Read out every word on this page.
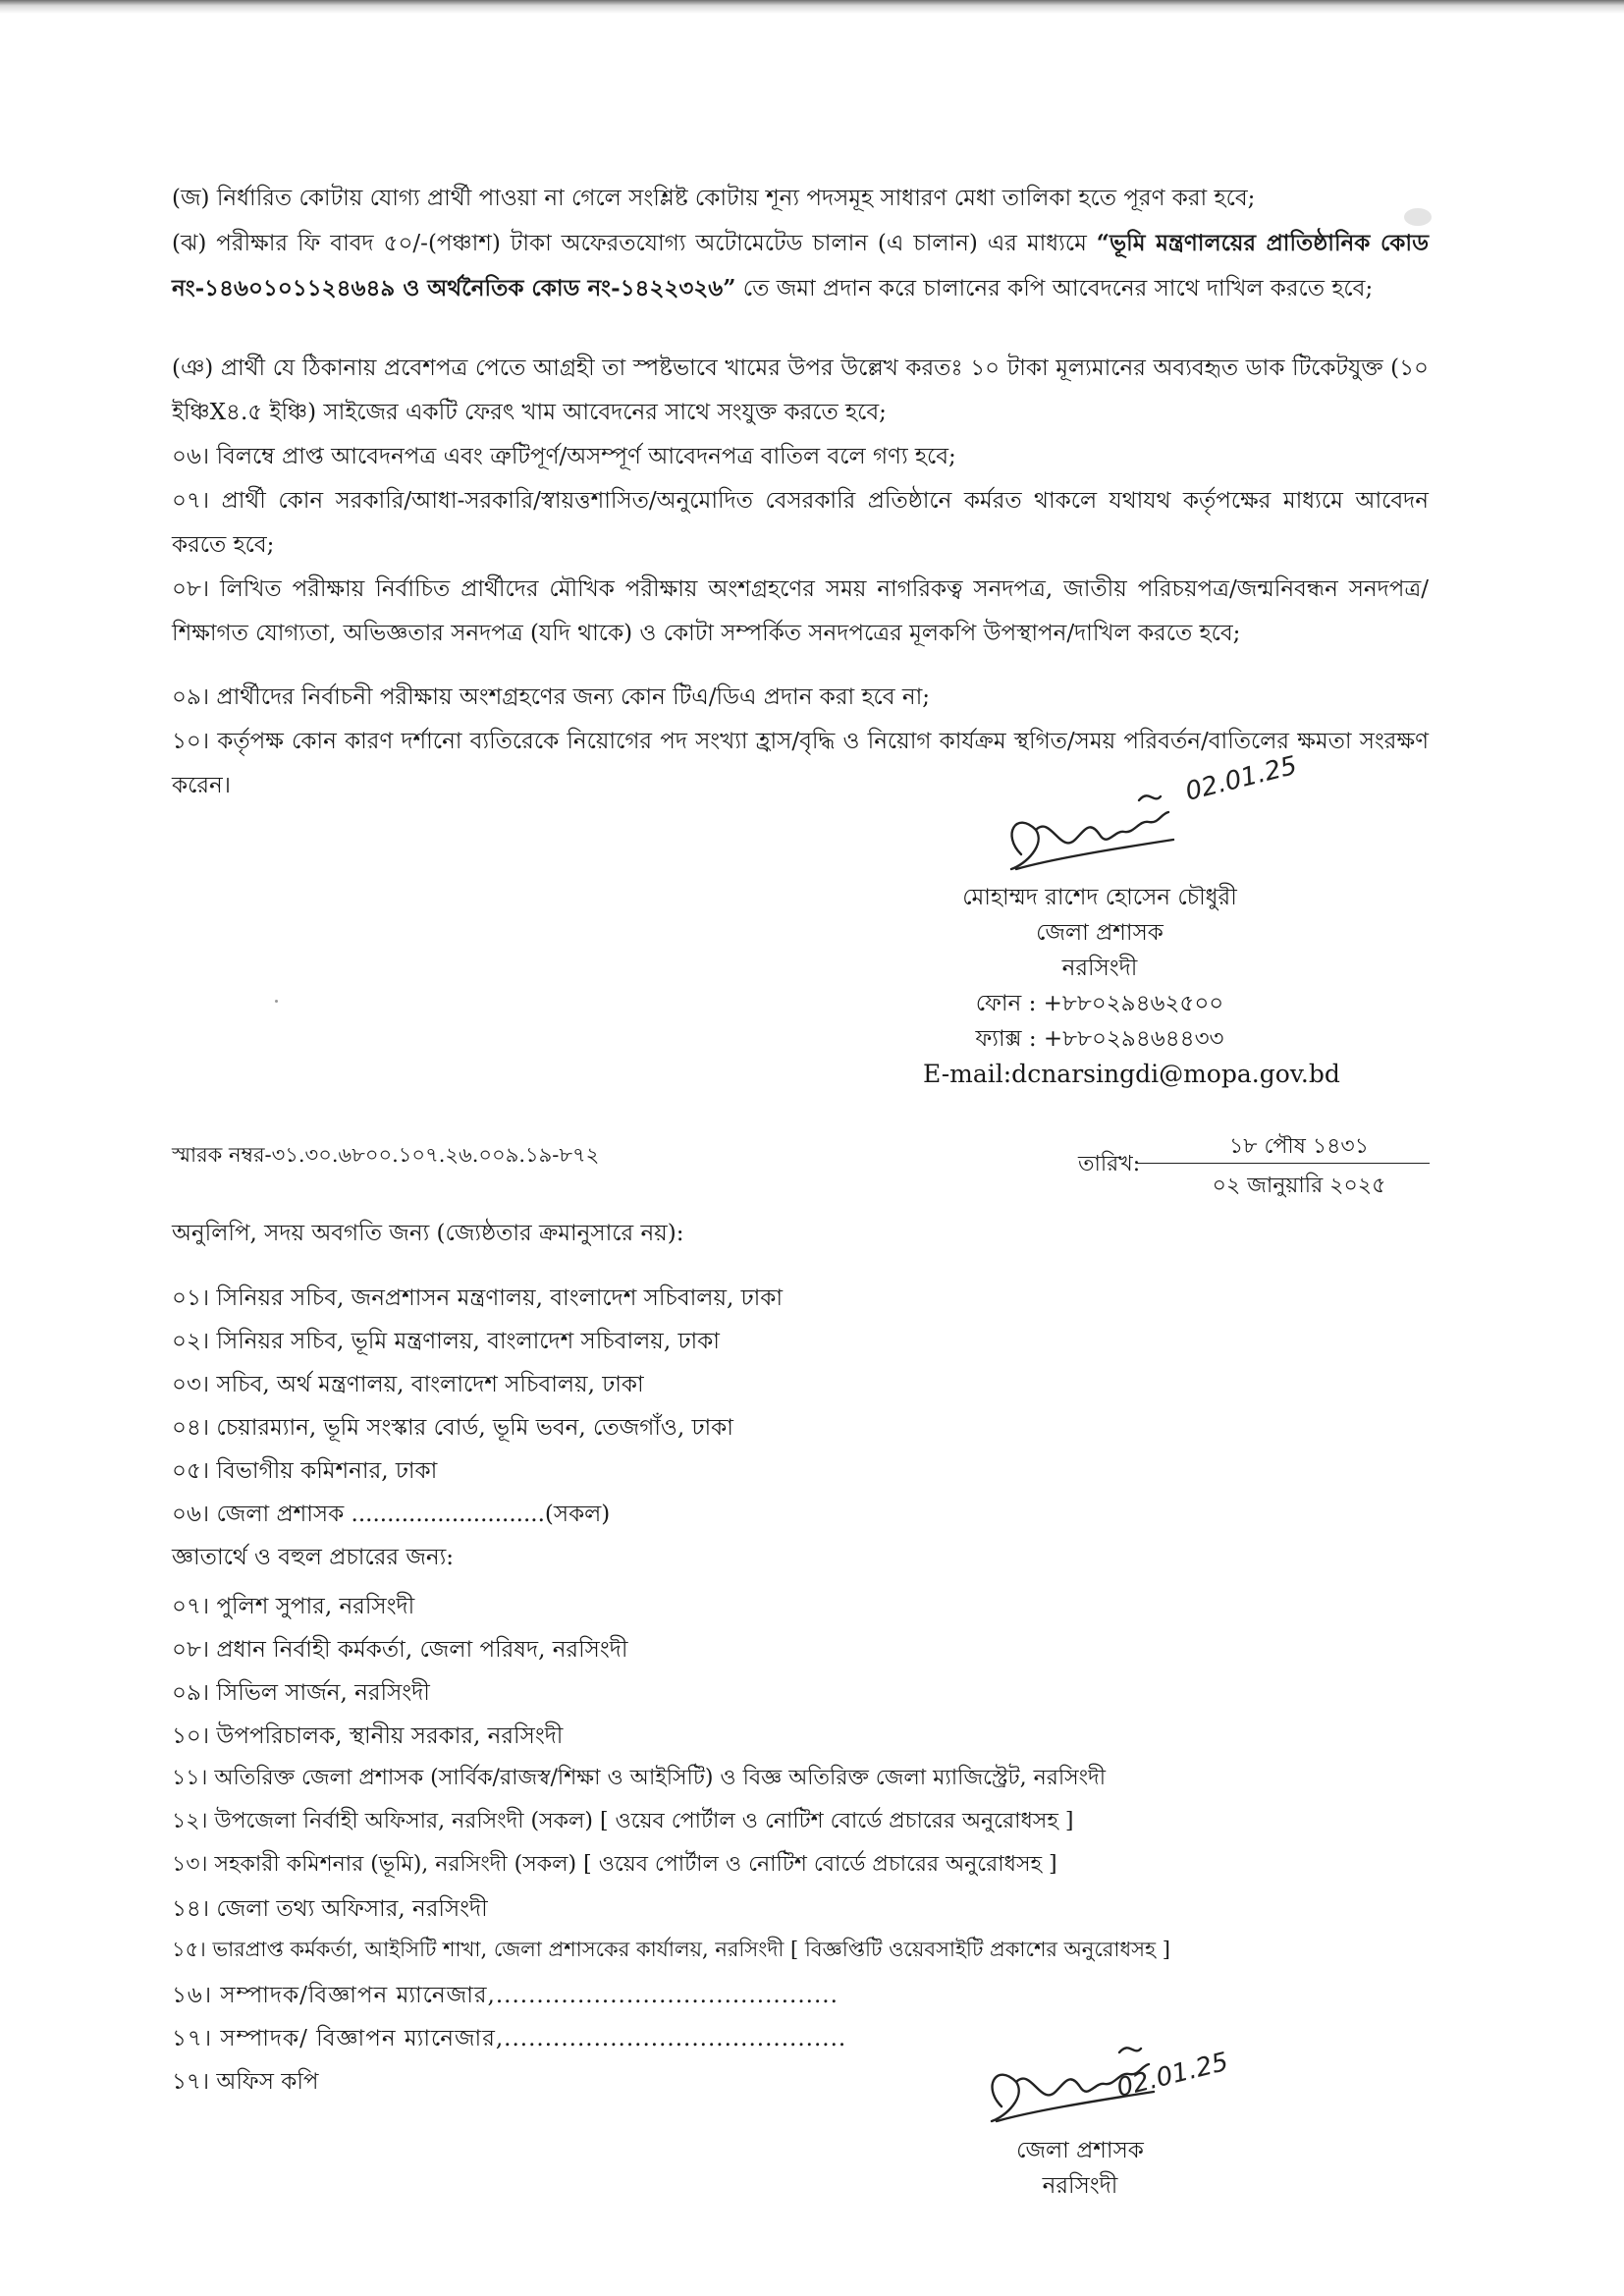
(জ) নির্ধারিত কোটায় যোগ্য প্রার্থী পাওয়া না গেলে সংশ্লিষ্ট কোটায় শূন্য পদসমূহ সাধারণ মেধা তালিকা হতে পূরণ করা হবে;

(ঝ) পরীক্ষার ফি বাবদ ৫০/-(পঞ্চাশ) টাকা অফেরতযোগ্য অটোমেটেড চালান (এ চালান) এর মাধ্যমে “ভূমি মন্ত্রণালয়ের প্রাতিষ্ঠানিক কোড নং-১৪৬০১০১১২৪৬৪৯ ও অর্থনৈতিক কোড নং-১৪২২৩২৬” তে জমা প্রদান করে চালানের কপি আবেদনের সাথে দাখিল করতে হবে;

(ঞ) প্রার্থী যে ঠিকানায় প্রবেশপত্র পেতে আগ্রহী তা স্পষ্টভাবে খামের উপর উল্লেখ করতঃ ১০ টাকা মূল্যমানের অব্যবহৃত ডাক টিকেটযুক্ত (১০ ইঞ্চিX৪.৫ ইঞ্চি) সাইজের একটি ফেরৎ খাম আবেদনের সাথে সংযুক্ত করতে হবে;

০৬। বিলম্বে প্রাপ্ত আবেদনপত্র এবং ত্রুটিপূর্ণ/অসম্পূর্ণ আবেদনপত্র বাতিল বলে গণ্য হবে;

০৭। প্রার্থী কোন সরকারি/আধা-সরকারি/স্বায়ত্তশাসিত/অনুমোদিত বেসরকারি প্রতিষ্ঠানে কর্মরত থাকলে যথাযথ কর্তৃপক্ষের মাধ্যমে আবেদন করতে হবে;

০৮। লিখিত পরীক্ষায় নির্বাচিত প্রার্থীদের মৌখিক পরীক্ষায় অংশগ্রহণের সময় নাগরিকত্ব সনদপত্র, জাতীয় পরিচয়পত্র/জন্মনিবন্ধন সনদপত্র/শিক্ষাগত যোগ্যতা, অভিজ্ঞতার সনদপত্র (যদি থাকে) ও কোটা সম্পর্কিত সনদপত্রের মূলকপি উপস্থাপন/দাখিল করতে হবে;

০৯। প্রার্থীদের নির্বাচনী পরীক্ষায় অংশগ্রহণের জন্য কোন টিএ/ডিএ প্রদান করা হবে না;

১০। কর্তৃপক্ষ কোন কারণ দর্শানো ব্যতিরেকে নিয়োগের পদ সংখ্যা হ্রাস/বৃদ্ধি ও নিয়োগ কার্যক্রম স্থগিত/সময় পরিবর্তন/বাতিলের ক্ষমতা সংরক্ষণ করেন।	02.01.25
মোহাম্মদ রাশেদ হোসেন চৌধুরী
জেলা প্রশাসক
নরসিংদী
ফোন : +৮৮০২৯৪৬২৫০০
ফ্যাক্স : +৮৮০২৯৪৬৪৪৩৩
E-mail:dcnarsingdi@mopa.gov.bd
স্মারক নম্বর-৩১.৩০.৬৮০০.১০৭.২৬.০০৯.১৯-৮৭২	তারিখ:
১৮ পৌষ ১৪৩১
০২ জানুয়ারি ২০২৫
অনুলিপি, সদয় অবগতি জন্য (জ্যেষ্ঠতার ক্রমানুসারে নয়):
০১। সিনিয়র সচিব, জনপ্রশাসন মন্ত্রণালয়, বাংলাদেশ সচিবালয়, ঢাকা
০২। সিনিয়র সচিব, ভূমি মন্ত্রণালয়, বাংলাদেশ সচিবালয়, ঢাকা
০৩। সচিব, অর্থ মন্ত্রণালয়, বাংলাদেশ সচিবালয়, ঢাকা
০৪। চেয়ারম্যান, ভূমি সংস্কার বোর্ড, ভূমি ভবন, তেজগাঁও, ঢাকা
০৫। বিভাগীয় কমিশনার, ঢাকা
০৬। জেলা প্রশাসক ...........................(সকল)
জ্ঞাতার্থে ও বহুল প্রচারের জন্য:
০৭। পুলিশ সুপার, নরসিংদী
০৮। প্রধান নির্বাহী কর্মকর্তা, জেলা পরিষদ, নরসিংদী
০৯। সিভিল সার্জন, নরসিংদী
১০। উপপরিচালক, স্থানীয় সরকার, নরসিংদী
১১। অতিরিক্ত জেলা প্রশাসক (সার্বিক/রাজস্ব/শিক্ষা ও আইসিটি) ও বিজ্ঞ অতিরিক্ত জেলা ম্যাজিস্ট্রেট, নরসিংদী
১২। উপজেলা নির্বাহী অফিসার, নরসিংদী (সকল) [ ওয়েব পোর্টাল ও নোটিশ বোর্ডে প্রচারের অনুরোধসহ ]
১৩। সহকারী কমিশনার (ভূমি), নরসিংদী (সকল) [ ওয়েব পোর্টাল ও নোটিশ বোর্ডে প্রচারের অনুরোধসহ ]
১৪। জেলা তথ্য অফিসার, নরসিংদী
১৫। ভারপ্রাপ্ত কর্মকর্তা, আইসিটি শাখা, জেলা প্রশাসকের কার্যালয়, নরসিংদী [ বিজ্ঞপ্তিটি ওয়েবসাইটি প্রকাশের অনুরোধসহ ]
১৬। সম্পাদক/বিজ্ঞাপন ম্যানেজার,..........................................
১৭। সম্পাদক/ বিজ্ঞাপন ম্যানেজার,..........................................
১৭। অফিস কপি	02.01.25
জেলা প্রশাসক
নরসিংদী
